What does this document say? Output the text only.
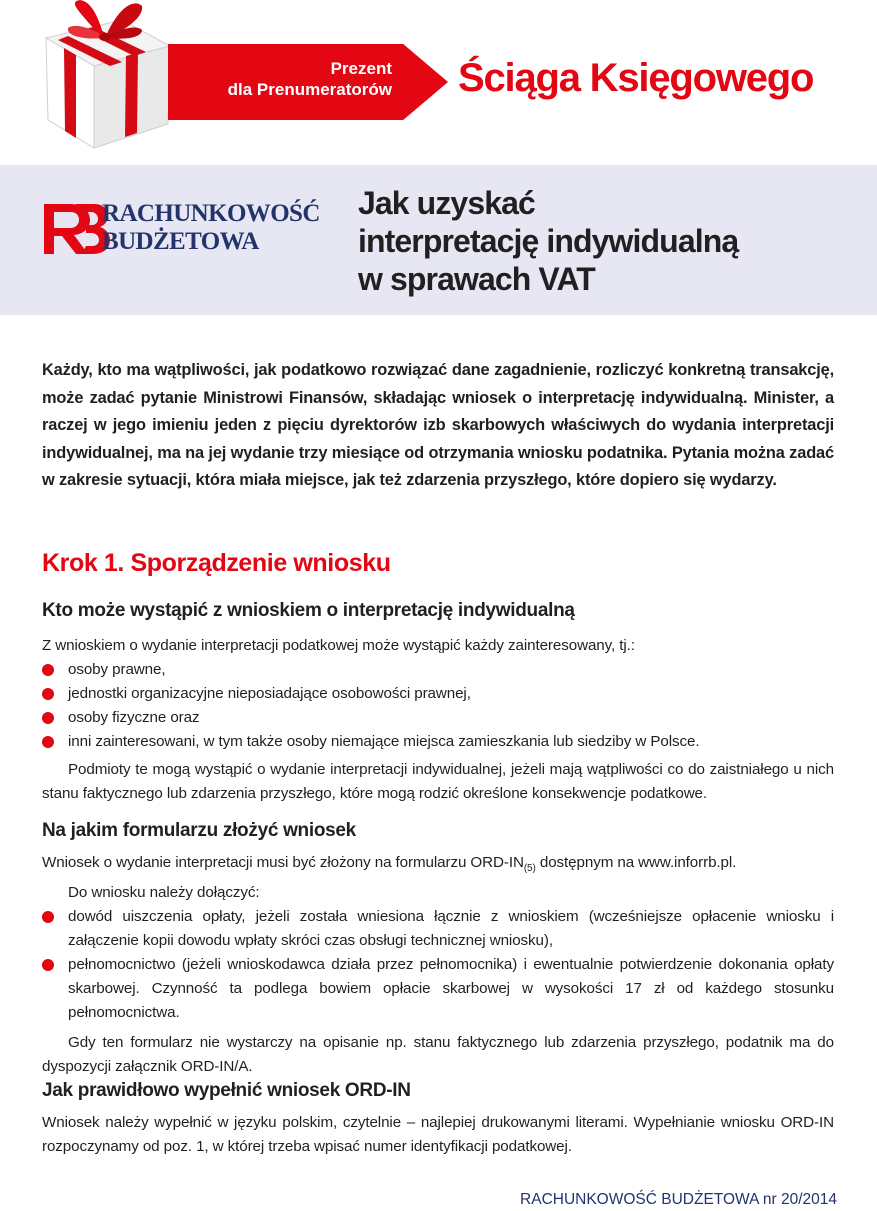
Prezent
dla Prenumeratorów Ściąga Księgowego
RACHUNKOWOŚĆ
BUDŻETOWA
Jak uzyskać
interpretację indywidualną
w sprawach VAT
Każdy, kto ma wątpliwości, jak podatkowo rozwiązać dane zagadnienie, rozliczyć konkretną transakcję, może zadać pytanie Ministrowi Finansów, składając wniosek o interpretację indywidualną. Minister, a raczej w jego imieniu jeden z pięciu dyrektorów izb skarbowych właściwych do wydania interpretacji indywidualnej, ma na jej wydanie trzy miesiące od otrzymania wniosku podatnika. Pytania można zadać w zakresie sytuacji, która miała miejsce, jak też zdarzenia przyszłego, które dopiero się wydarzy.
Krok 1. Sporządzenie wniosku
Kto może wystąpić z wnioskiem o interpretację indywidualną
Z wnioskiem o wydanie interpretacji podatkowej może wystąpić każdy zainteresowany, tj.:
osoby prawne,
jednostki organizacyjne nieposiadające osobowości prawnej,
osoby fizyczne oraz
inni zainteresowani, w tym także osoby niemające miejsca zamieszkania lub siedziby w Polsce.
Podmioty te mogą wystąpić o wydanie interpretacji indywidualnej, jeżeli mają wątpliwości co do zaistniałego u nich stanu faktycznego lub zdarzenia przyszłego, które mogą rodzić określone konsekwencje podatkowe.
Na jakim formularzu złożyć wniosek
Wniosek o wydanie interpretacji musi być złożony na formularzu ORD-$IN_{(5)}$ dostępnym na www.inforrb.pl.
Do wniosku należy dołączyć:
dowód uiszczenia opłaty, jeżeli została wniesiona łącznie z wnioskiem (wcześniejsze opłacenie wniosku i załączenie kopii dowodu wpłaty skróci czas obsługi technicznej wniosku),
pełnomocnictwo (jeżeli wnioskodawca działa przez pełnomocnika) i ewentualnie potwierdzenie dokonania opłaty skarbowej. Czynność ta podlega bowiem opłacie skarbowej w wysokości 17 zł od każdego stosunku pełnomocnictwa.
Gdy ten formularz nie wystarczy na opisanie np. stanu faktycznego lub zdarzenia przyszłego, podatnik ma do dyspozycji załącznik ORD-IN/A.
Jak prawidłowo wypełnić wniosek ORD-IN
Wniosek należy wypełnić w języku polskim, czytelnie – najlepiej drukowanymi literami. Wypełnianie wniosku ORD-IN rozpoczynamy od poz. 1, w której trzeba wpisać numer identyfikacji podatkowej.
RACHUNKOWOŚĆ BUDŻETOWA nr 20/2014
